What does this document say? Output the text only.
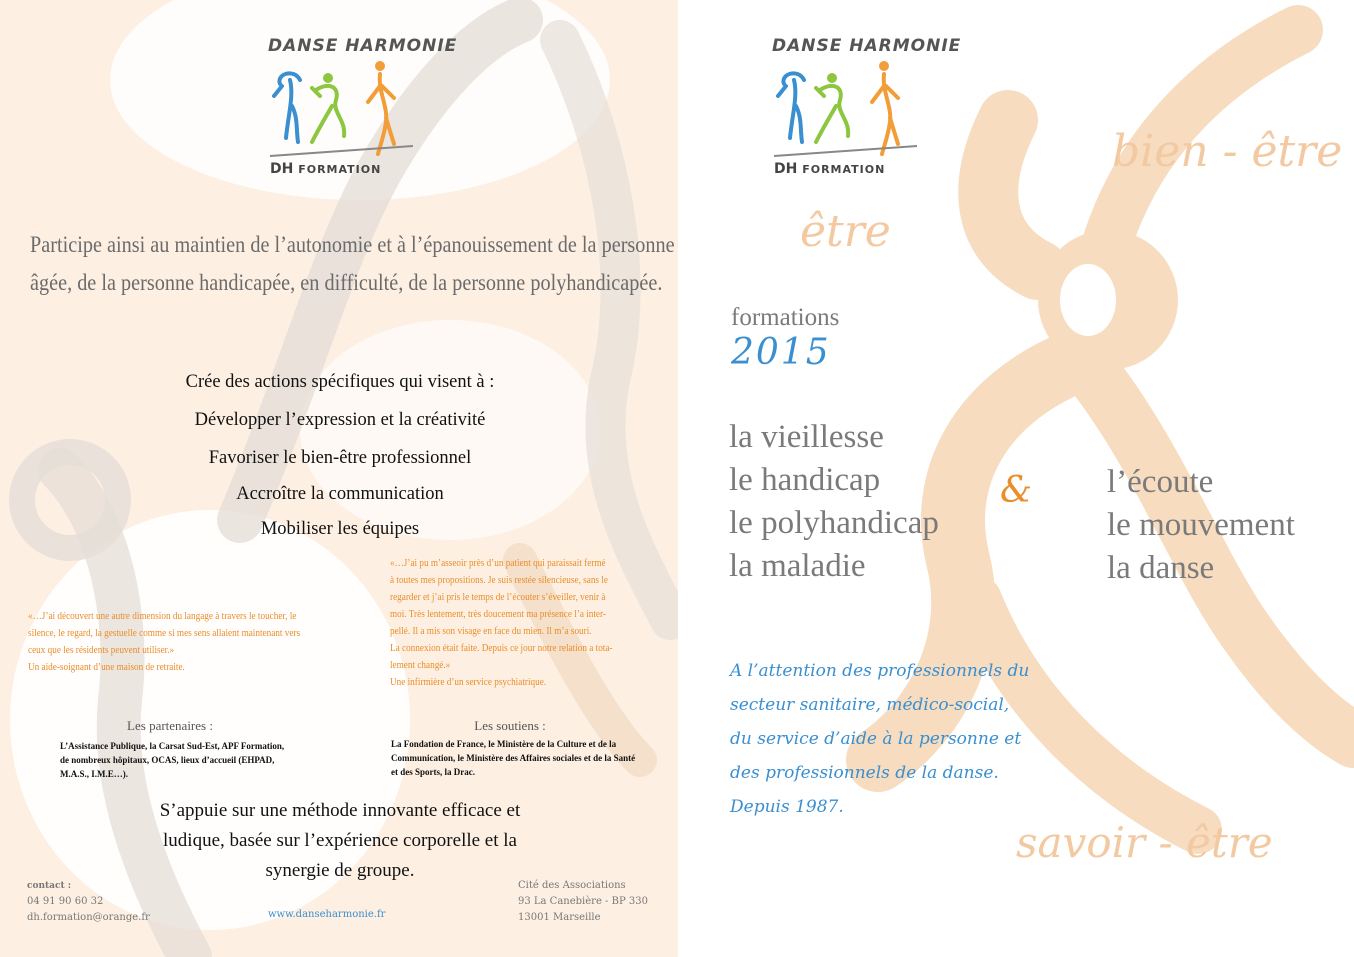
DANSE HARMONIE
DH FORMATION
Participe ainsi au maintien de l’autonomie et à l’épanouissement de la personne
âgée, de la personne handicapée, en difficulté, de la personne polyhandicapée.
Crée des actions spécifiques qui visent à :
Développer l’expression et la créativité
Favoriser le bien-être professionnel
Accroître la communication
Mobiliser les équipes
«…J’ai découvert une autre dimension du langage à travers le toucher, le
silence, le regard, la gestuelle comme si mes sens allaient maintenant vers
ceux que les résidents peuvent utiliser.»
Un aide-soignant d’une maison de retraite.
«…J’ai pu m’asseoir près d’un patient qui paraissait fermé
à toutes mes propositions. Je suis restée silencieuse, sans le
regarder et j’ai pris le temps de l’écouter s’éveiller, venir à
moi. Très lentement, très doucement ma présence l’a inter-
pellé. Il a mis son visage en face du mien. Il m’a souri.
La connexion était faite. Depuis ce jour notre relation a tota-
lement changé.»
Une infirmière d’un service psychiatrique.
Les partenaires :
L’Assistance Publique, la Carsat Sud-Est, APF Formation,
de nombreux hôpitaux, OCAS, lieux d’accueil (EHPAD,
M.A.S., I.M.E…).
Les soutiens :
La Fondation de France, le Ministère de la Culture et de la
Communication, le Ministère des Affaires sociales et de la Santé
et des Sports, la Drac.
S’appuie sur une méthode innovante efficace et
ludique, basée sur l’expérience corporelle et la
synergie de groupe.
contact :
04 91 90 60 32
dh.formation@orange.fr	www.danseharmonie.fr
Cité des Associations
93 La Canebière - BP 330
13001 Marseille
DANSE HARMONIE
DH FORMATION	bien - être
être
formations
2015
la vieillesse
le handicap
le polyhandicap
la maladie
& l’écoute
le mouvement
la danse
A l’attention des professionnels du
secteur sanitaire, médico-social,
du service d’aide à la personne et
des professionnels de la danse.
Depuis 1987.
savoir - être
